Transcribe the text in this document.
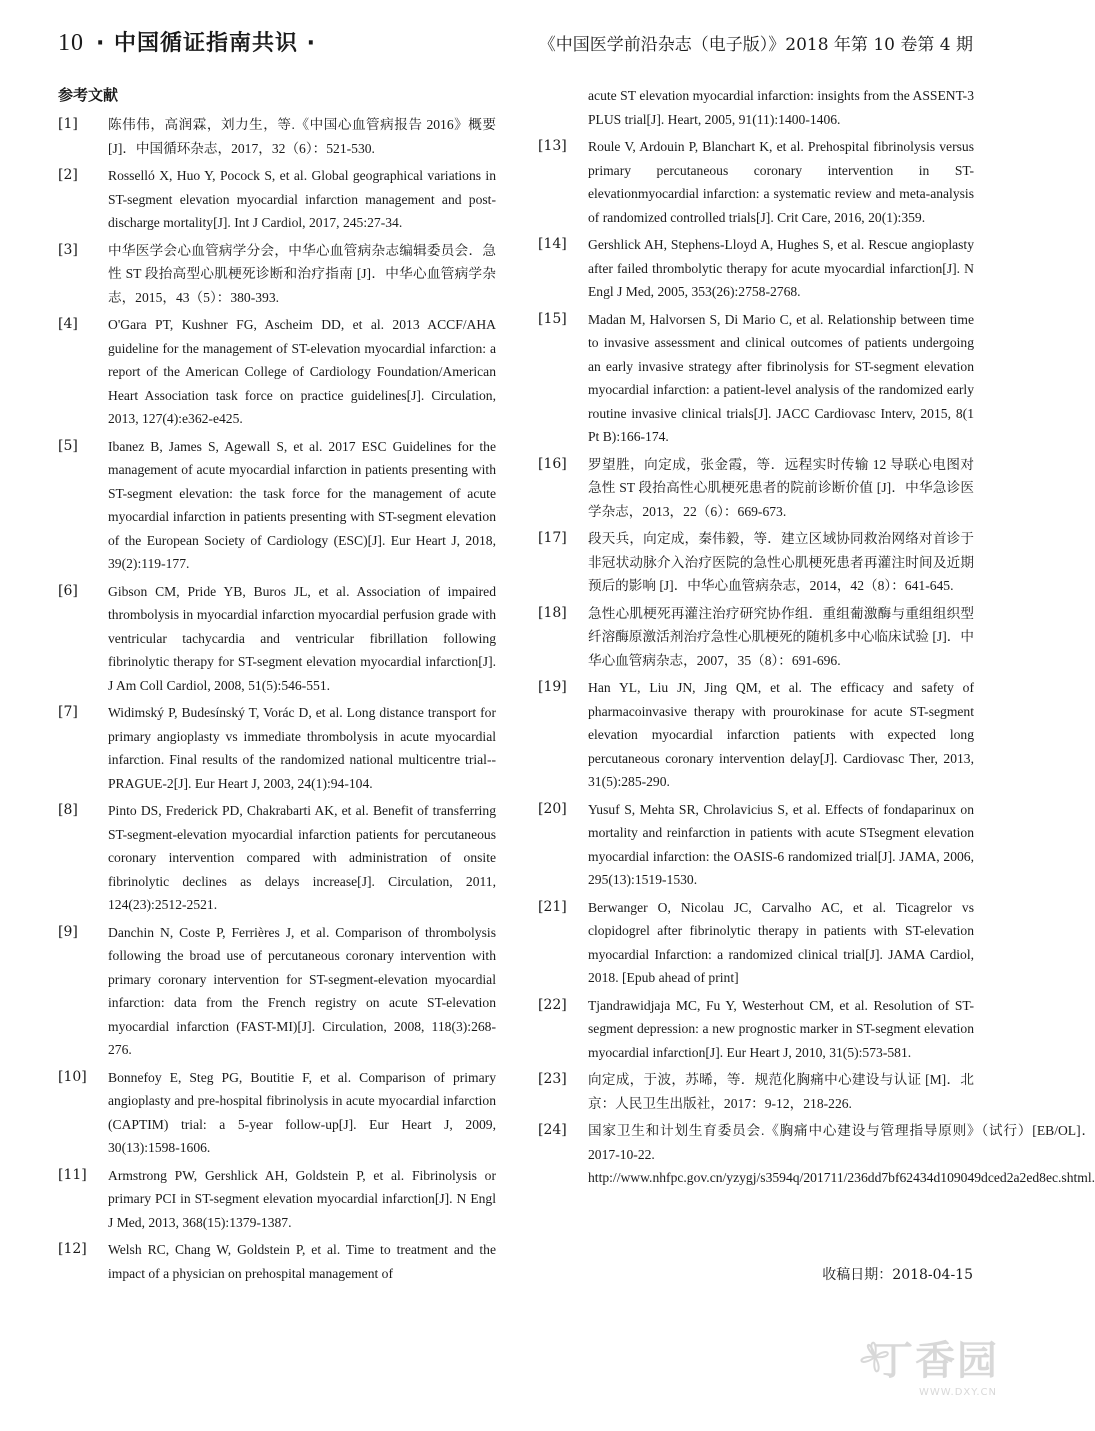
10 · 中国循证指南共识 ·	《中国医学前沿杂志（电子版）》2018 年第 10 卷第 4 期
参考文献
[1]	陈伟伟，高润霖，刘力生，等.《中国心血管病报告 2016》概要 [J]．中国循环杂志，2017，32（6）：521-530.
[2]	Rosselló X, Huo Y, Pocock S, et al. Global geographical variations in ST-segment elevation myocardial infarction management and post-discharge mortality[J]. Int J Cardiol, 2017, 245:27-34.
[3]	中华医学会心血管病学分会，中华心血管病杂志编辑委员会．急性 ST 段抬高型心肌梗死诊断和治疗指南 [J]．中华心血管病学杂志，2015，43（5）：380-393.
[4]	O'Gara PT, Kushner FG, Ascheim DD, et al. 2013 ACCF/AHA guideline for the management of ST-elevation myocardial infarction: a report of the American College of Cardiology Foundation/American Heart Association task force on practice guidelines[J]. Circulation, 2013, 127(4):e362-e425.
[5]	Ibanez B, James S, Agewall S, et al. 2017 ESC Guidelines for the management of acute myocardial infarction in patients presenting with ST-segment elevation: the task force for the management of acute myocardial infarction in patients presenting with ST-segment elevation of the European Society of Cardiology (ESC)[J]. Eur Heart J, 2018, 39(2):119-177.
[6]	Gibson CM, Pride YB, Buros JL, et al. Association of impaired thrombolysis in myocardial infarction myocardial perfusion grade with ventricular tachycardia and ventricular fibrillation following fibrinolytic therapy for ST-segment elevation myocardial infarction[J]. J Am Coll Cardiol, 2008, 51(5):546-551.
[7]	Widimský P, Budesínský T, Vorác D, et al. Long distance transport for primary angioplasty vs immediate thrombolysis in acute myocardial infarction. Final results of the randomized national multicentre trial--PRAGUE-2[J]. Eur Heart J, 2003, 24(1):94-104.
[8]	Pinto DS, Frederick PD, Chakrabarti AK, et al. Benefit of transferring ST-segment-elevation myocardial infarction patients for percutaneous coronary intervention compared with administration of onsite fibrinolytic declines as delays increase[J]. Circulation, 2011, 124(23):2512-2521.
[9]	Danchin N, Coste P, Ferrières J, et al. Comparison of thrombolysis following the broad use of percutaneous coronary intervention with primary coronary intervention for ST-segment-elevation myocardial infarction: data from the French registry on acute ST-elevation myocardial infarction (FAST-MI)[J]. Circulation, 2008, 118(3):268-276.
[10]	Bonnefoy E, Steg PG, Boutitie F, et al. Comparison of primary angioplasty and pre-hospital fibrinolysis in acute myocardial infarction (CAPTIM) trial: a 5-year follow-up[J]. Eur Heart J, 2009, 30(13):1598-1606.
[11]	Armstrong PW, Gershlick AH, Goldstein P, et al. Fibrinolysis or primary PCI in ST-segment elevation myocardial infarction[J]. N Engl J Med, 2013, 368(15):1379-1387.
[12]	Welsh RC, Chang W, Goldstein P, et al. Time to treatment and the impact of a physician on prehospital management of
acute ST elevation myocardial infarction: insights from the ASSENT-3 PLUS trial[J]. Heart, 2005, 91(11):1400-1406.
[13]	Roule V, Ardouin P, Blanchart K, et al. Prehospital fibrinolysis versus primary percutaneous coronary intervention in ST-elevationmyocardial infarction: a systematic review and meta-analysis of randomized controlled trials[J]. Crit Care, 2016, 20(1):359.
[14]	Gershlick AH, Stephens-Lloyd A, Hughes S, et al. Rescue angioplasty after failed thrombolytic therapy for acute myocardial infarction[J]. N Engl J Med, 2005, 353(26):2758-2768.
[15]	Madan M, Halvorsen S, Di Mario C, et al. Relationship between time to invasive assessment and clinical outcomes of patients undergoing an early invasive strategy after fibrinolysis for ST-segment elevation myocardial infarction: a patient-level analysis of the randomized early routine invasive clinical trials[J]. JACC Cardiovasc Interv, 2015, 8(1 Pt B):166-174.
[16]	罗望胜，向定成，张金霞，等．远程实时传输 12 导联心电图对急性 ST 段抬高性心肌梗死患者的院前诊断价值 [J]．中华急诊医学杂志，2013，22（6）：669-673.
[17]	段天兵，向定成，秦伟毅，等．建立区域协同救治网络对首诊于非冠状动脉介入治疗医院的急性心肌梗死患者再灌注时间及近期预后的影响 [J]．中华心血管病杂志，2014，42（8）：641-645.
[18]	急性心肌梗死再灌注治疗研究协作组．重组葡激酶与重组组织型纤溶酶原激活剂治疗急性心肌梗死的随机多中心临床试验 [J]．中华心血管病杂志，2007，35（8）：691-696.
[19]	Han YL, Liu JN, Jing QM, et al. The efficacy and safety of pharmacoinvasive therapy with prourokinase for acute ST-segment elevation myocardial infarction patients with expected long percutaneous coronary intervention delay[J]. Cardiovasc Ther, 2013, 31(5):285-290.
[20]	Yusuf S, Mehta SR, Chrolavicius S, et al. Effects of fondaparinux on mortality and reinfarction in patients with acute STsegment elevation myocardial infarction: the OASIS-6 randomized trial[J]. JAMA, 2006, 295(13):1519-1530.
[21]	Berwanger O, Nicolau JC, Carvalho AC, et al. Ticagrelor vs clopidogrel after fibrinolytic therapy in patients with ST-elevation myocardial Infarction: a randomized clinical trial[J]. JAMA Cardiol, 2018. [Epub ahead of print]
[22]	Tjandrawidjaja MC, Fu Y, Westerhout CM, et al. Resolution of ST-segment depression: a new prognostic marker in ST-segment elevation myocardial infarction[J]. Eur Heart J, 2010, 31(5):573-581.
[23]	向定成，于波，苏晞，等．规范化胸痛中心建设与认证 [M]．北京：人民卫生出版社，2017：9-12，218-226.
[24]	国家卫生和计划生育委员会.《胸痛中心建设与管理指导原则》（试行）[EB/OL]．2017-10-22. http://www.nhfpc.gov.cn/yzygj/s3594q/201711/236dd7bf62434d109049dced2a2ed8ec.shtml.
收稿日期：2018-04-15
丁香园
WWW.DXY.CN
